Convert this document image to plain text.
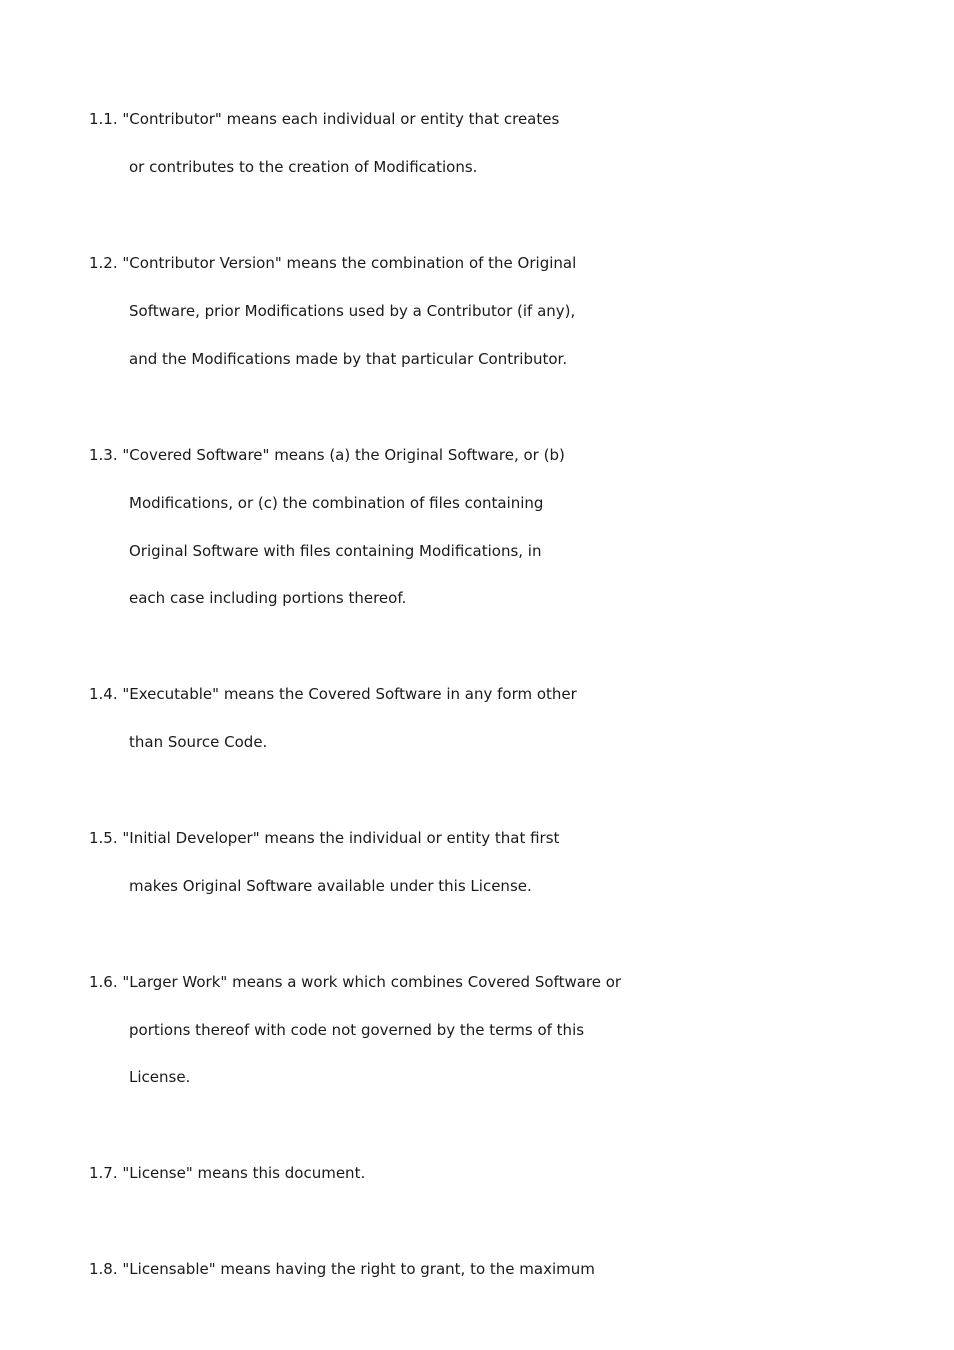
1.1. "Contributor" means each individual or entity that creates
or contributes to the creation of Modifications.
1.2. "Contributor Version" means the combination of the Original
Software, prior Modifications used by a Contributor (if any),
and the Modifications made by that particular Contributor.
1.3. "Covered Software" means (a) the Original Software, or (b)
Modifications, or (c) the combination of files containing
Original Software with files containing Modifications, in
each case including portions thereof.
1.4. "Executable" means the Covered Software in any form other
than Source Code.
1.5. "Initial Developer" means the individual or entity that first
makes Original Software available under this License.
1.6. "Larger Work" means a work which combines Covered Software or
portions thereof with code not governed by the terms of this
License.
1.7. "License" means this document.
1.8. "Licensable" means having the right to grant, to the maximum
